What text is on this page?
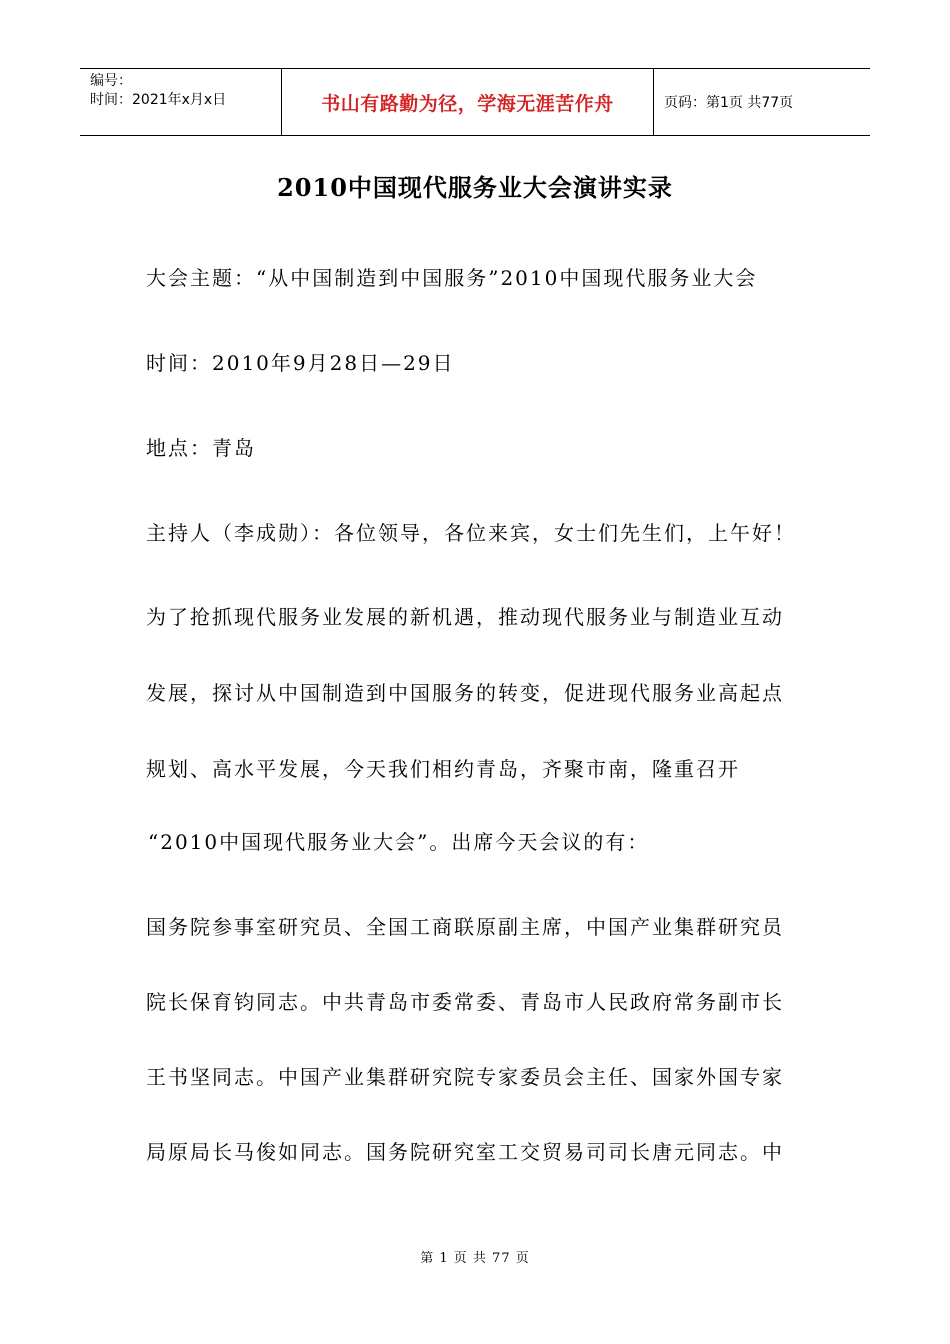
编号：
时间：2021年x月x日	书山有路勤为径，学海无涯苦作舟	页码：第1页 共77页
2010中国现代服务业大会演讲实录
大会主题：“从中国制造到中国服务”2010中国现代服务业大会
时间：2010年9月28日—29日
地点：青岛
主持人（李成勋）：各位领导，各位来宾，女士们先生们，上午好！
为了抢抓现代服务业发展的新机遇，推动现代服务业与制造业互动
发展，探讨从中国制造到中国服务的转变，促进现代服务业高起点
规划、高水平发展，今天我们相约青岛，齐聚市南，隆重召开
“2010中国现代服务业大会”。出席今天会议的有：
国务院参事室研究员、全国工商联原副主席，中国产业集群研究员
院长保育钧同志。中共青岛市委常委、青岛市人民政府常务副市长
王书坚同志。中国产业集群研究院专家委员会主任、国家外国专家
局原局长马俊如同志。国务院研究室工交贸易司司长唐元同志。中
第 1 页 共 77 页
